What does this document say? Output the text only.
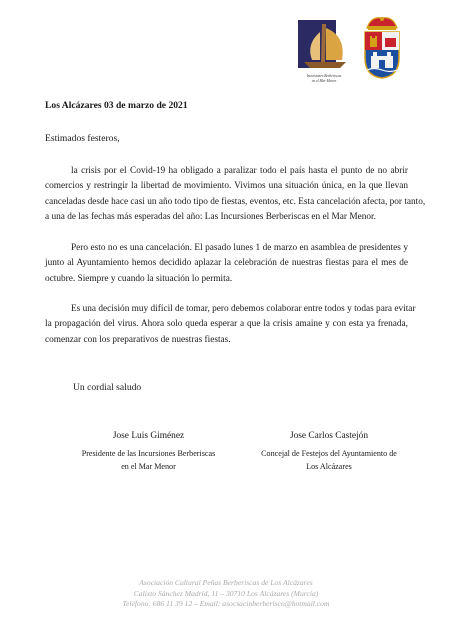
Incursiones Berberiscas
en el Mar Menor
Los Alcázares 03 de marzo de 2021
Estimados festeros,
la crisis por el Covid-19 ha obligado a paralizar todo el país hasta el punto de no abrir
comercios y restringir la libertad de movimiento. Vivimos una situación única, en la que llevan
canceladas desde hace casi un año todo tipo de fiestas, eventos, etc. Esta cancelación afecta, por tanto,
a una de las fechas más esperadas del año: Las Incursiones Berberiscas en el Mar Menor.
Pero esto no es una cancelación. El pasado lunes 1 de marzo en asamblea de presidentes y
junto al Ayuntamiento hemos decidido aplazar la celebración de nuestras fiestas para el mes de
octubre. Siempre y cuando la situación lo permita.
Es una decisión muy difícil de tomar, pero debemos colaborar entre todos y todas para evitar
la propagación del virus. Ahora solo queda esperar a que la crisis amaine y con esta ya frenada,
comenzar con los preparativos de nuestras fiestas.
Un cordial saludo
Jose Luis Giménez
Presidente de las Incursiones Berberiscas
en el Mar Menor
Jose Carlos Castejón
Concejal de Festejos del Ayuntamiento de
Los Alcázares
Asociación Cultural Peñas Berberiscas de Los Alcázares
Calixto Sánchez Madrid, 11 – 30710 Los Alcázares (Murcia)
Teléfono: 686 11 39 12 – Email: asocsacinberberisco@hotmail.com
